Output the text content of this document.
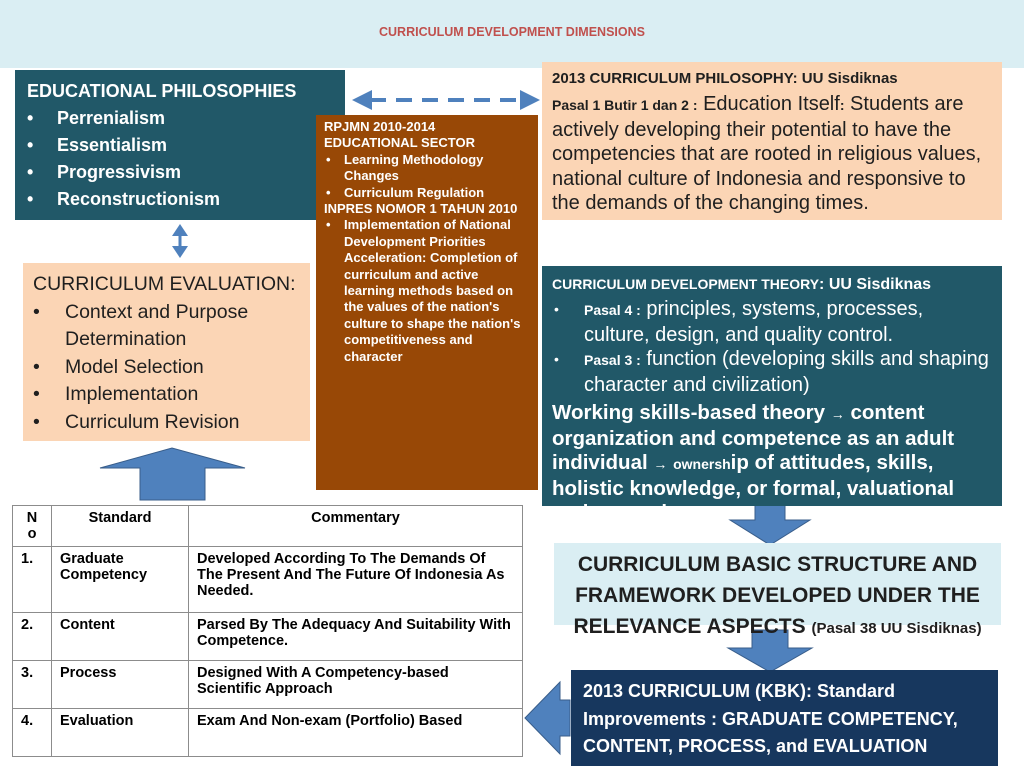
CURRICULUM DEVELOPMENT DIMENSIONS
EDUCATIONAL PHILOSOPHIES
• Perrenialism
• Essentialism
• Progressivism
• Reconstructionism
2013 CURRICULUM PHILOSOPHY: UU Sisdiknas
Pasal 1 Butir 1 dan 2 : Education Itself: Students are actively developing their potential to have the competencies that are rooted in religious values, national culture of Indonesia and responsive to the demands of the changing times.
RPJMN 2010-2014
EDUCATIONAL SECTOR
• Learning Methodology Changes
• Curriculum Regulation
INPRES NOMOR 1 TAHUN 2010
• Implementation of National Development Priorities Acceleration: Completion of curriculum and active learning methods based on the values of the nation's culture to shape the nation's competitiveness and character
CURRICULUM EVALUATION:
• Context and Purpose Determination
• Model Selection
• Implementation
• Curriculum Revision
CURRICULUM DEVELOPMENT THEORY: UU Sisdiknas
• Pasal 4 : principles, systems, processes, culture, design, and quality control.
• Pasal 3 : function (developing skills and shaping character and civilization)
Working skills-based theory → content organization and competence as an adult individual → ownership of attitudes, skills, holistic knowledge, or formal, valuational and praxeology
CURRICULUM BASIC STRUCTURE AND FRAMEWORK DEVELOPED UNDER THE RELEVANCE ASPECTS (Pasal 38 UU Sisdiknas)
2013 CURRICULUM (KBK): Standard
Improvements : GRADUATE COMPETENCY,
CONTENT, PROCESS, and EVALUATION
N o	Standard	Commentary
1.	Graduate Competency	Developed According To The Demands Of The Present And The Future Of Indonesia As Needed.
2.	Content	Parsed By The Adequacy And Suitability With Competence.
3.	Process	Designed With A Competency-based Scientific Approach
4.	Evaluation	Exam And Non-exam (Portfolio) Based
